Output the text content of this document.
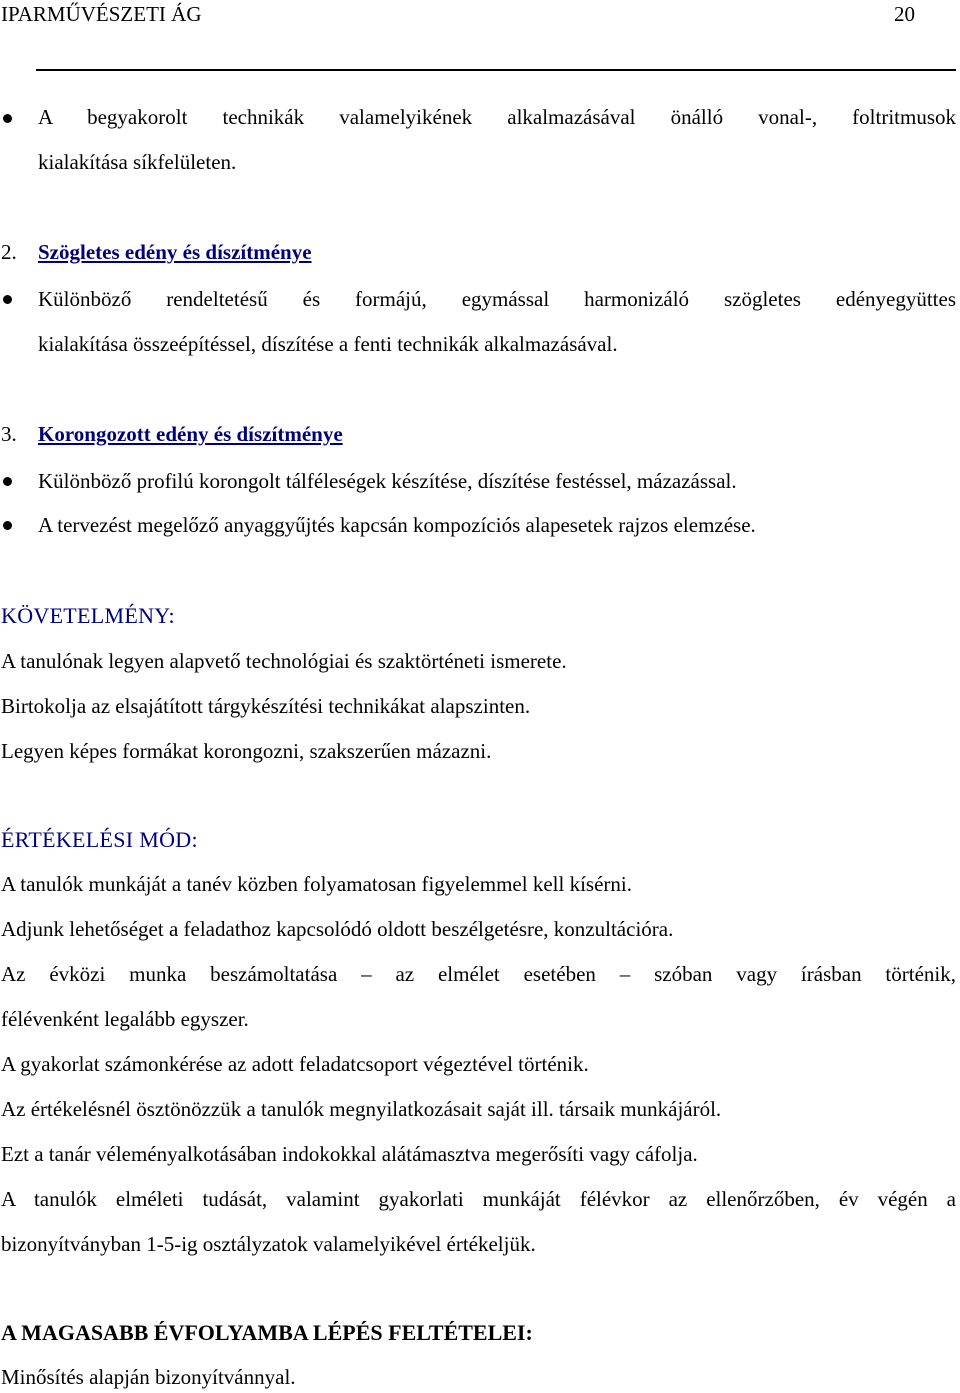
IPARMŰVÉSZETI ÁG	20
A begyakorolt technikák valamelyikének alkalmazásával önálló vonal-, foltritmusok
kialakítása síkfelületen.
2. Szögletes edény és díszítménye
Különböző rendeltetésű és formájú, egymással harmonizáló szögletes edényegyüttes
kialakítása összeépítéssel, díszítése a fenti technikák alkalmazásával.
3. Korongozott edény és díszítménye
Különböző profilú korongolt tálféleségek készítése, díszítése festéssel, mázazással.
A tervezést megelőző anyaggyűjtés kapcsán kompozíciós alapesetek rajzos elemzése.
KÖVETELMÉNY:
A tanulónak legyen alapvető technológiai és szaktörténeti ismerete.
Birtokolja az elsajátított tárgykészítési technikákat alapszinten.
Legyen képes formákat korongozni, szakszerűen mázazni.
ÉRTÉKELÉSI MÓD:
A tanulók munkáját a tanév közben folyamatosan figyelemmel kell kísérni.
Adjunk lehetőséget a feladathoz kapcsolódó oldott beszélgetésre, konzultációra.
Az évközi munka beszámoltatása – az elmélet esetében – szóban vagy írásban történik,
félévenként legalább egyszer.
A gyakorlat számonkérése az adott feladatcsoport végeztével történik.
Az értékelésnél ösztönözzük a tanulók megnyilatkozásait saját ill. társaik munkájáról.
Ezt a tanár véleményalkotásában indokokkal alátámasztva megerősíti vagy cáfolja.
A tanulók elméleti tudását, valamint gyakorlati munkáját félévkor az ellenőrzőben, év végén a
bizonyítványban 1-5-ig osztályzatok valamelyikével értékeljük.
A MAGASABB ÉVFOLYAMBA LÉPÉS FELTÉTELEI:
Minősítés alapján bizonyítvánnyal.
